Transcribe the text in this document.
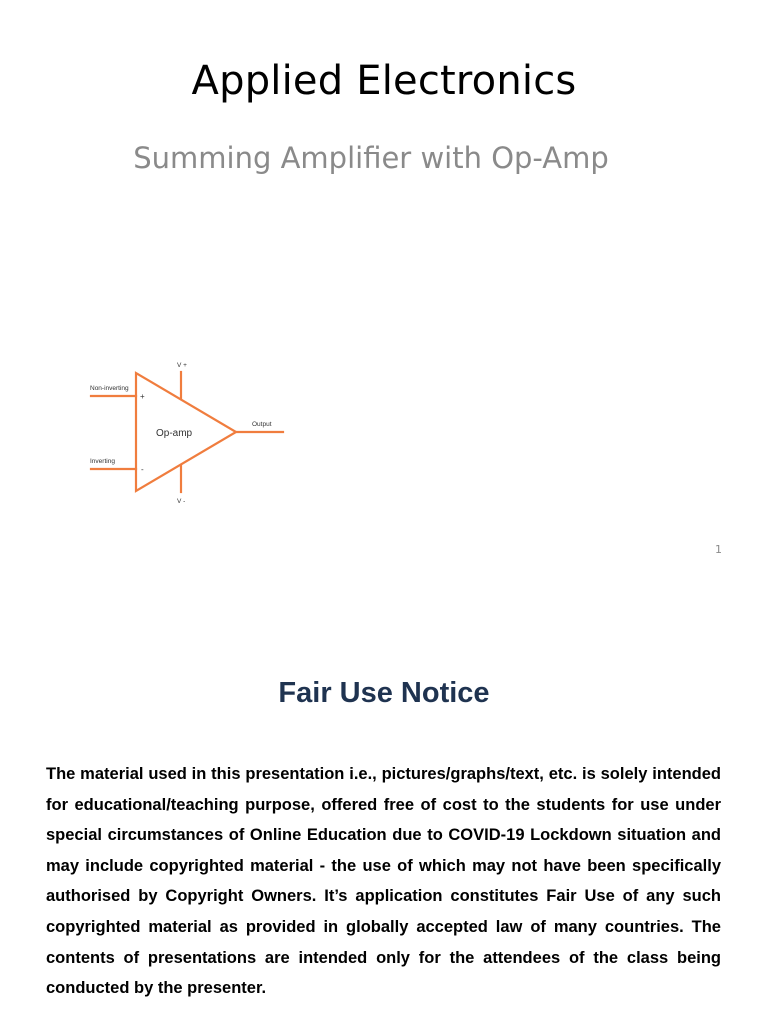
Applied Electronics
Summing Amplifier with Op-Amp
V +
V -
Non-inverting
Inverting
Output
Op-amp
+
-
1
Fair Use Notice

The material used in this presentation i.e., pictures/graphs/text, etc. is solely intended for educational/teaching purpose, offered free of cost to the students for use under special circumstances of Online Education due to COVID-19 Lockdown situation and may include copyrighted material - the use of which may not have been specifically authorised by Copyright Owners. It’s application constitutes Fair Use of any such copyrighted material as provided in globally accepted law of many countries. The contents of presentations are intended only for the attendees of the class being conducted by the presenter.
